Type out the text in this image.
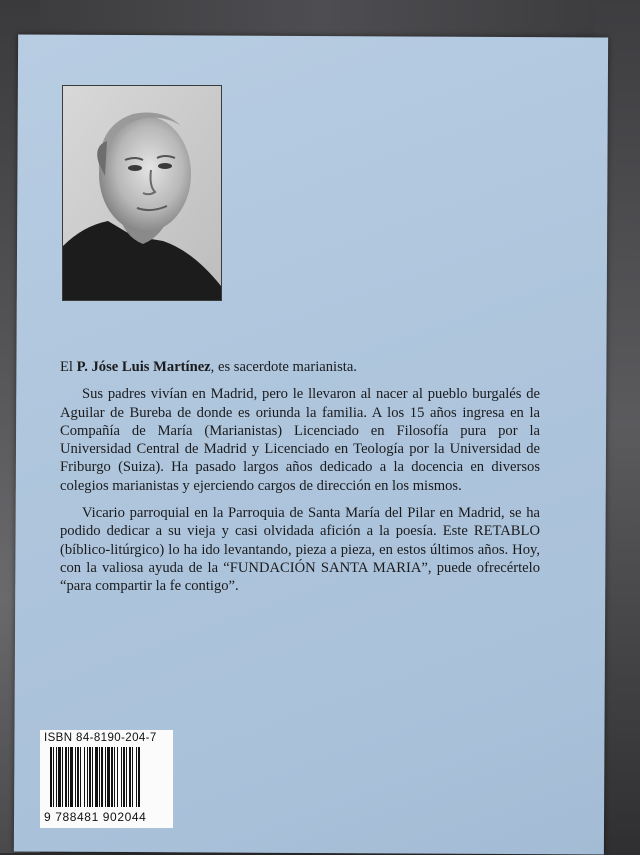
El P. Jóse Luis Martínez, es sacerdote marianista.

Sus padres vivían en Madrid, pero le llevaron al nacer al pueblo burgalés de Aguilar de Bureba de donde es oriunda la familia. A los 15 años ingresa en la Compañía de María (Marianistas) Licenciado en Filosofía pura por la Universidad Central de Madrid y Licenciado en Teología por la Universidad de Friburgo (Suiza). Ha pasado largos años dedicado a la docencia en diversos colegios marianistas y ejerciendo cargos de dirección en los mismos.

Vicario parroquial en la Parroquia de Santa María del Pilar en Madrid, se ha podido dedicar a su vieja y casi olvidada afición a la poesía. Este RETABLO (bíblico-litúrgico) lo ha ido levantando, pieza a pieza, en estos últimos años. Hoy, con la valiosa ayuda de la “FUNDACIÓN SANTA MARIA”, puede ofrecértelo “para compartir la fe contigo”.

ISBN 84-8190-204-7
9 788481 902044
